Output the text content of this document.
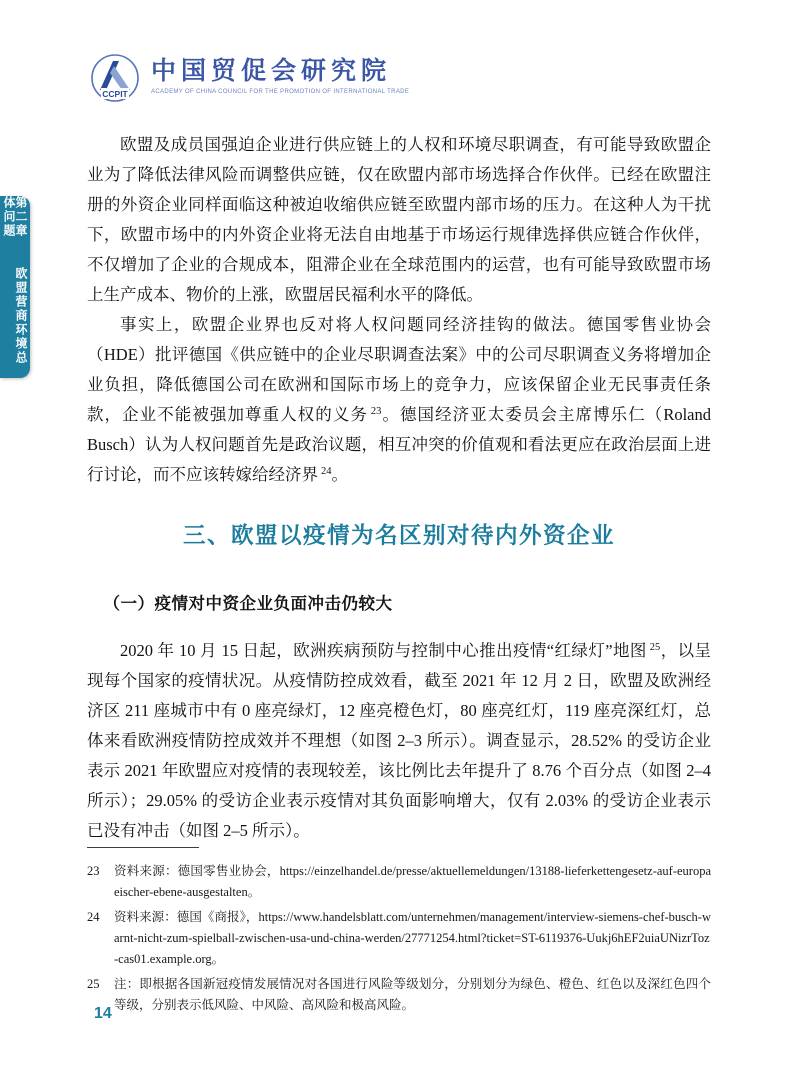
CCPIT
中国贸促会研究院
ACADEMY OF CHINA COUNCIL FOR THE PROMOTION OF INTERNATIONAL TRADE
第二章 欧盟营商环境总体问题

欧盟及成员国强迫企业进行供应链上的人权和环境尽职调查，有可能导致欧盟企业为了降低法律风险而调整供应链，仅在欧盟内部市场选择合作伙伴。已经在欧盟注册的外资企业同样面临这种被迫收缩供应链至欧盟内部市场的压力。在这种人为干扰下，欧盟市场中的内外资企业将无法自由地基于市场运行规律选择供应链合作伙伴，不仅增加了企业的合规成本，阻滞企业在全球范围内的运营，也有可能导致欧盟市场上生产成本、物价的上涨，欧盟居民福利水平的降低。

事实上，欧盟企业界也反对将人权问题同经济挂钩的做法。德国零售业协会（HDE）批评德国《供应链中的企业尽职调查法案》中的公司尽职调查义务将增加企业负担，降低德国公司在欧洲和国际市场上的竞争力，应该保留企业无民事责任条款，企业不能被强加尊重人权的义务 $^{23}$。德国经济亚太委员会主席博乐仁（Roland Busch）认为人权问题首先是政治议题，相互冲突的价值观和看法更应在政治层面上进行讨论，而不应该转嫁给经济界 $^{24}$。

三、欧盟以疫情为名区别对待内外资企业
（一）疫情对中资企业负面冲击仍较大

2020 年 10 月 15 日起，欧洲疾病预防与控制中心推出疫情“红绿灯”地图 $^{25}$，以呈现每个国家的疫情状况。从疫情防控成效看，截至 2021 年 12 月 2 日，欧盟及欧洲经济区 211 座城市中有 0 座亮绿灯，12 座亮橙色灯，80 座亮红灯，119 座亮深红灯，总体来看欧洲疫情防控成效并不理想（如图 2–3 所示）。调查显示，28.52% 的受访企业表示 2021 年欧盟应对疫情的表现较差，该比例比去年提升了 8.76 个百分点（如图 2–4 所示）；29.05% 的受访企业表示疫情对其负面影响增大，仅有 2.03% 的受访企业表示已没有冲击（如图 2–5 所示）。

23	资料来源：德国零售业协会，https://einzelhandel.de/presse/aktuellemeldungen/13188-lieferkettengesetz-auf-europaeischer-ebene-ausgestalten。
24	资料来源：德国《商报》，https://www.handelsblatt.com/unternehmen/management/interview-siemens-chef-busch-warnt-nicht-zum-spielball-zwischen-usa-und-china-werden/27771254.html?ticket=ST-6119376-Uukj6hEF2uiaUNizrToz-cas01.example.org。
25	注：即根据各国新冠疫情发展情况对各国进行风险等级划分，分别划分为绿色、橙色、红色以及深红色四个等级，分别表示低风险、中风险、高风险和极高风险。
14
